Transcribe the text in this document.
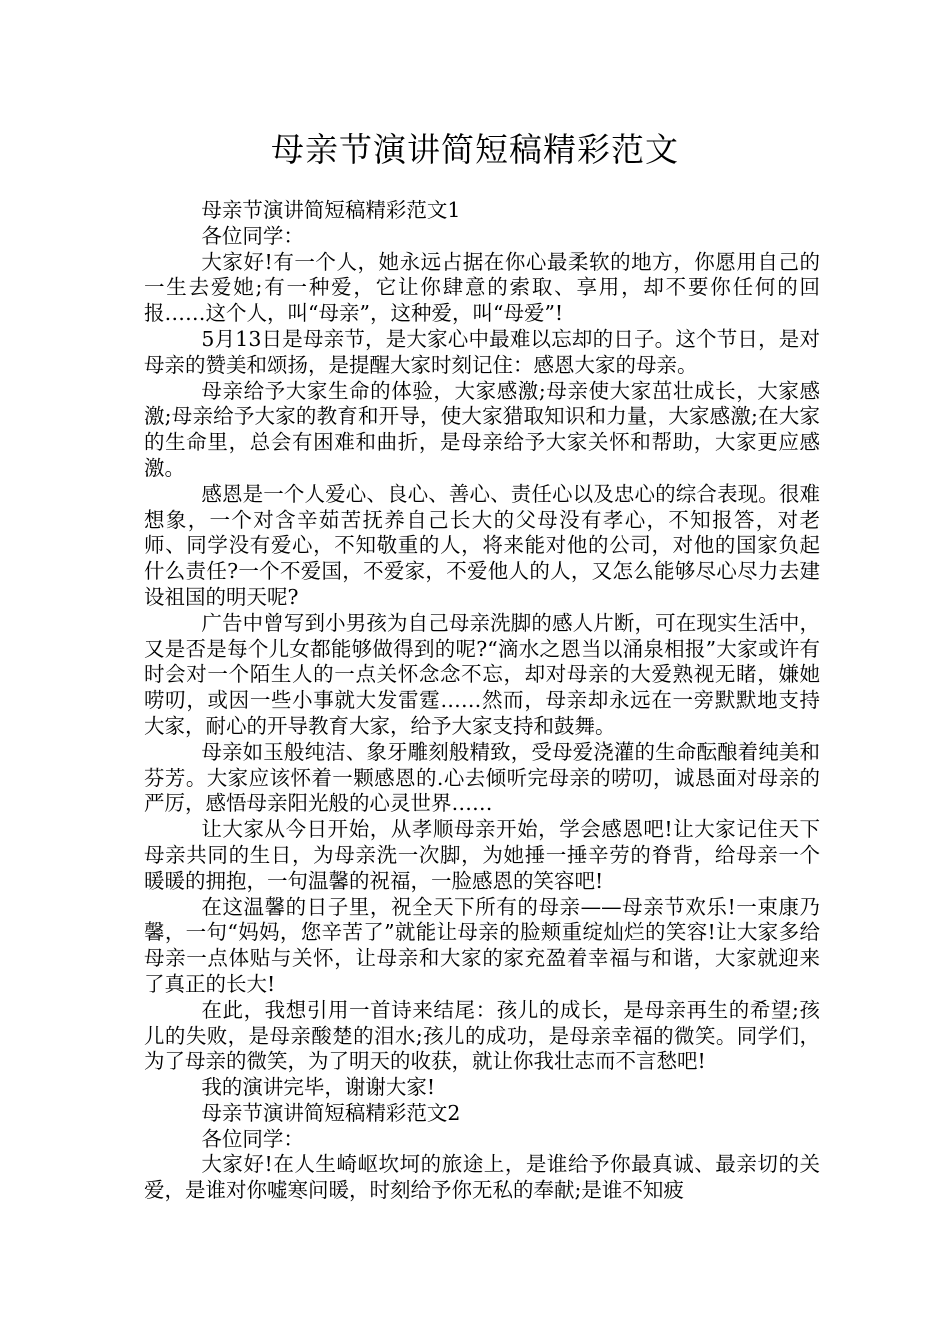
母亲节演讲简短稿精彩范文

母亲节演讲简短稿精彩范文1

各位同学：

大家好!有一个人，她永远占据在你心最柔软的地方，你愿用自己的一生去爱她;有一种爱，它让你肆意的索取、享用，却不要你任何的回报……这个人，叫“母亲”，这种爱，叫“母爱”!

5月13日是母亲节，是大家心中最难以忘却的日子。这个节日，是对母亲的赞美和颂扬，是提醒大家时刻记住：感恩大家的母亲。

母亲给予大家生命的体验，大家感激;母亲使大家茁壮成长，大家感激;母亲给予大家的教育和开导，使大家猎取知识和力量，大家感激;在大家的生命里，总会有困难和曲折，是母亲给予大家关怀和帮助，大家更应感激。

感恩是一个人爱心、良心、善心、责任心以及忠心的综合表现。很难想象，一个对含辛茹苦抚养自己长大的父母没有孝心，不知报答，对老师、同学没有爱心，不知敬重的人，将来能对他的公司，对他的国家负起什么责任?一个不爱国，不爱家，不爱他人的人，又怎么能够尽心尽力去建设祖国的明天呢?

广告中曾写到小男孩为自己母亲洗脚的感人片断，可在现实生活中，又是否是每个儿女都能够做得到的呢?“滴水之恩当以涌泉相报”大家或许有时会对一个陌生人的一点关怀念念不忘，却对母亲的大爱熟视无睹，嫌她唠叨，或因一些小事就大发雷霆……然而，母亲却永远在一旁默默地支持大家，耐心的开导教育大家，给予大家支持和鼓舞。

母亲如玉般纯洁、象牙雕刻般精致，受母爱浇灌的生命酝酿着纯美和芬芳。大家应该怀着一颗感恩的.心去倾听完母亲的唠叨，诚恳面对母亲的严厉，感悟母亲阳光般的心灵世界……

让大家从今日开始，从孝顺母亲开始，学会感恩吧!让大家记住天下母亲共同的生日，为母亲洗一次脚，为她捶一捶辛劳的脊背，给母亲一个暖暖的拥抱，一句温馨的祝福，一脸感恩的笑容吧!

在这温馨的日子里，祝全天下所有的母亲——母亲节欢乐!一束康乃馨，一句“妈妈，您辛苦了”就能让母亲的脸颊重绽灿烂的笑容!让大家多给母亲一点体贴与关怀，让母亲和大家的家充盈着幸福与和谐，大家就迎来了真正的长大!

在此，我想引用一首诗来结尾：孩儿的成长，是母亲再生的希望;孩儿的失败，是母亲酸楚的泪水;孩儿的成功，是母亲幸福的微笑。同学们，为了母亲的微笑，为了明天的收获，就让你我壮志而不言愁吧!

我的演讲完毕，谢谢大家!

母亲节演讲简短稿精彩范文2

各位同学：

大家好!在人生崎岖坎坷的旅途上，是谁给予你最真诚、最亲切的关爱，是谁对你嘘寒问暖，时刻给予你无私的奉献;是谁不知疲
